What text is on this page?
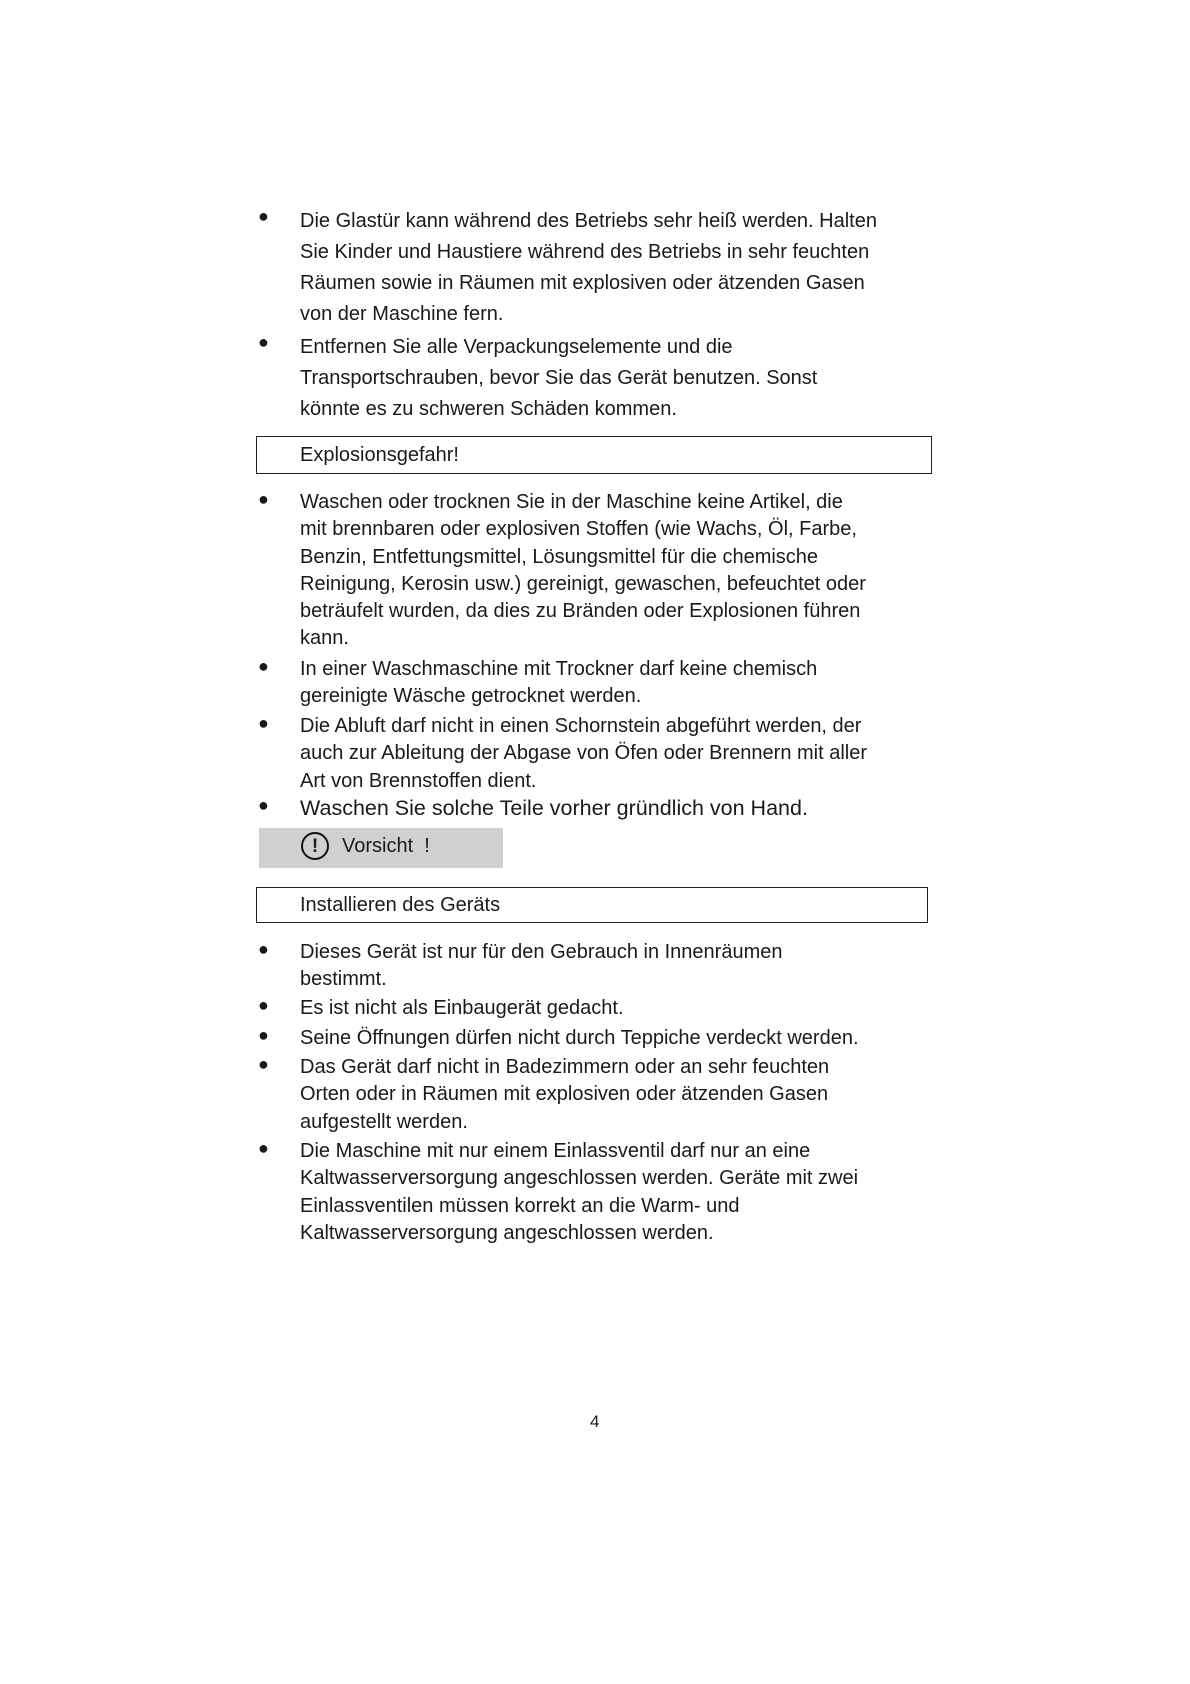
● Die Glastür kann während des Betriebs sehr heiß werden. Halten
Sie Kinder und Haustiere während des Betriebs in sehr feuchten
Räumen sowie in Räumen mit explosiven oder ätzenden Gasen
von der Maschine fern.
● Entfernen Sie alle Verpackungselemente und die
Transportschrauben, bevor Sie das Gerät benutzen. Sonst
könnte es zu schweren Schäden kommen.
● Waschen oder trocknen Sie in der Maschine keine Artikel, die
mit brennbaren oder explosiven Stoffen (wie Wachs, Öl, Farbe,
Benzin, Entfettungsmittel, Lösungsmittel für die chemische
Reinigung, Kerosin usw.) gereinigt, gewaschen, befeuchtet oder
beträufelt wurden, da dies zu Bränden oder Explosionen führen
kann.
● In einer Waschmaschine mit Trockner darf keine chemisch
gereinigte Wäsche getrocknet werden.
● Die Abluft darf nicht in einen Schornstein abgeführt werden, der
auch zur Ableitung der Abgase von Öfen oder Brennern mit aller
Art von Brennstoffen dient.
● Waschen Sie solche Teile vorher gründlich von Hand.
● Dieses Gerät ist nur für den Gebrauch in Innenräumen
bestimmt.
● Es ist nicht als Einbaugerät gedacht.
● Seine Öffnungen dürfen nicht durch Teppiche verdeckt werden.
● Das Gerät darf nicht in Badezimmern oder an sehr feuchten
Orten oder in Räumen mit explosiven oder ätzenden Gasen
aufgestellt werden.
● Die Maschine mit nur einem Einlassventil darf nur an eine
Kaltwasserversorgung angeschlossen werden. Geräte mit zwei
Einlassventilen müssen korrekt an die Warm- und
Kaltwasserversorgung angeschlossen werden.
Explosionsgefahr!
!	Vorsicht !
Installieren des Geräts
4
